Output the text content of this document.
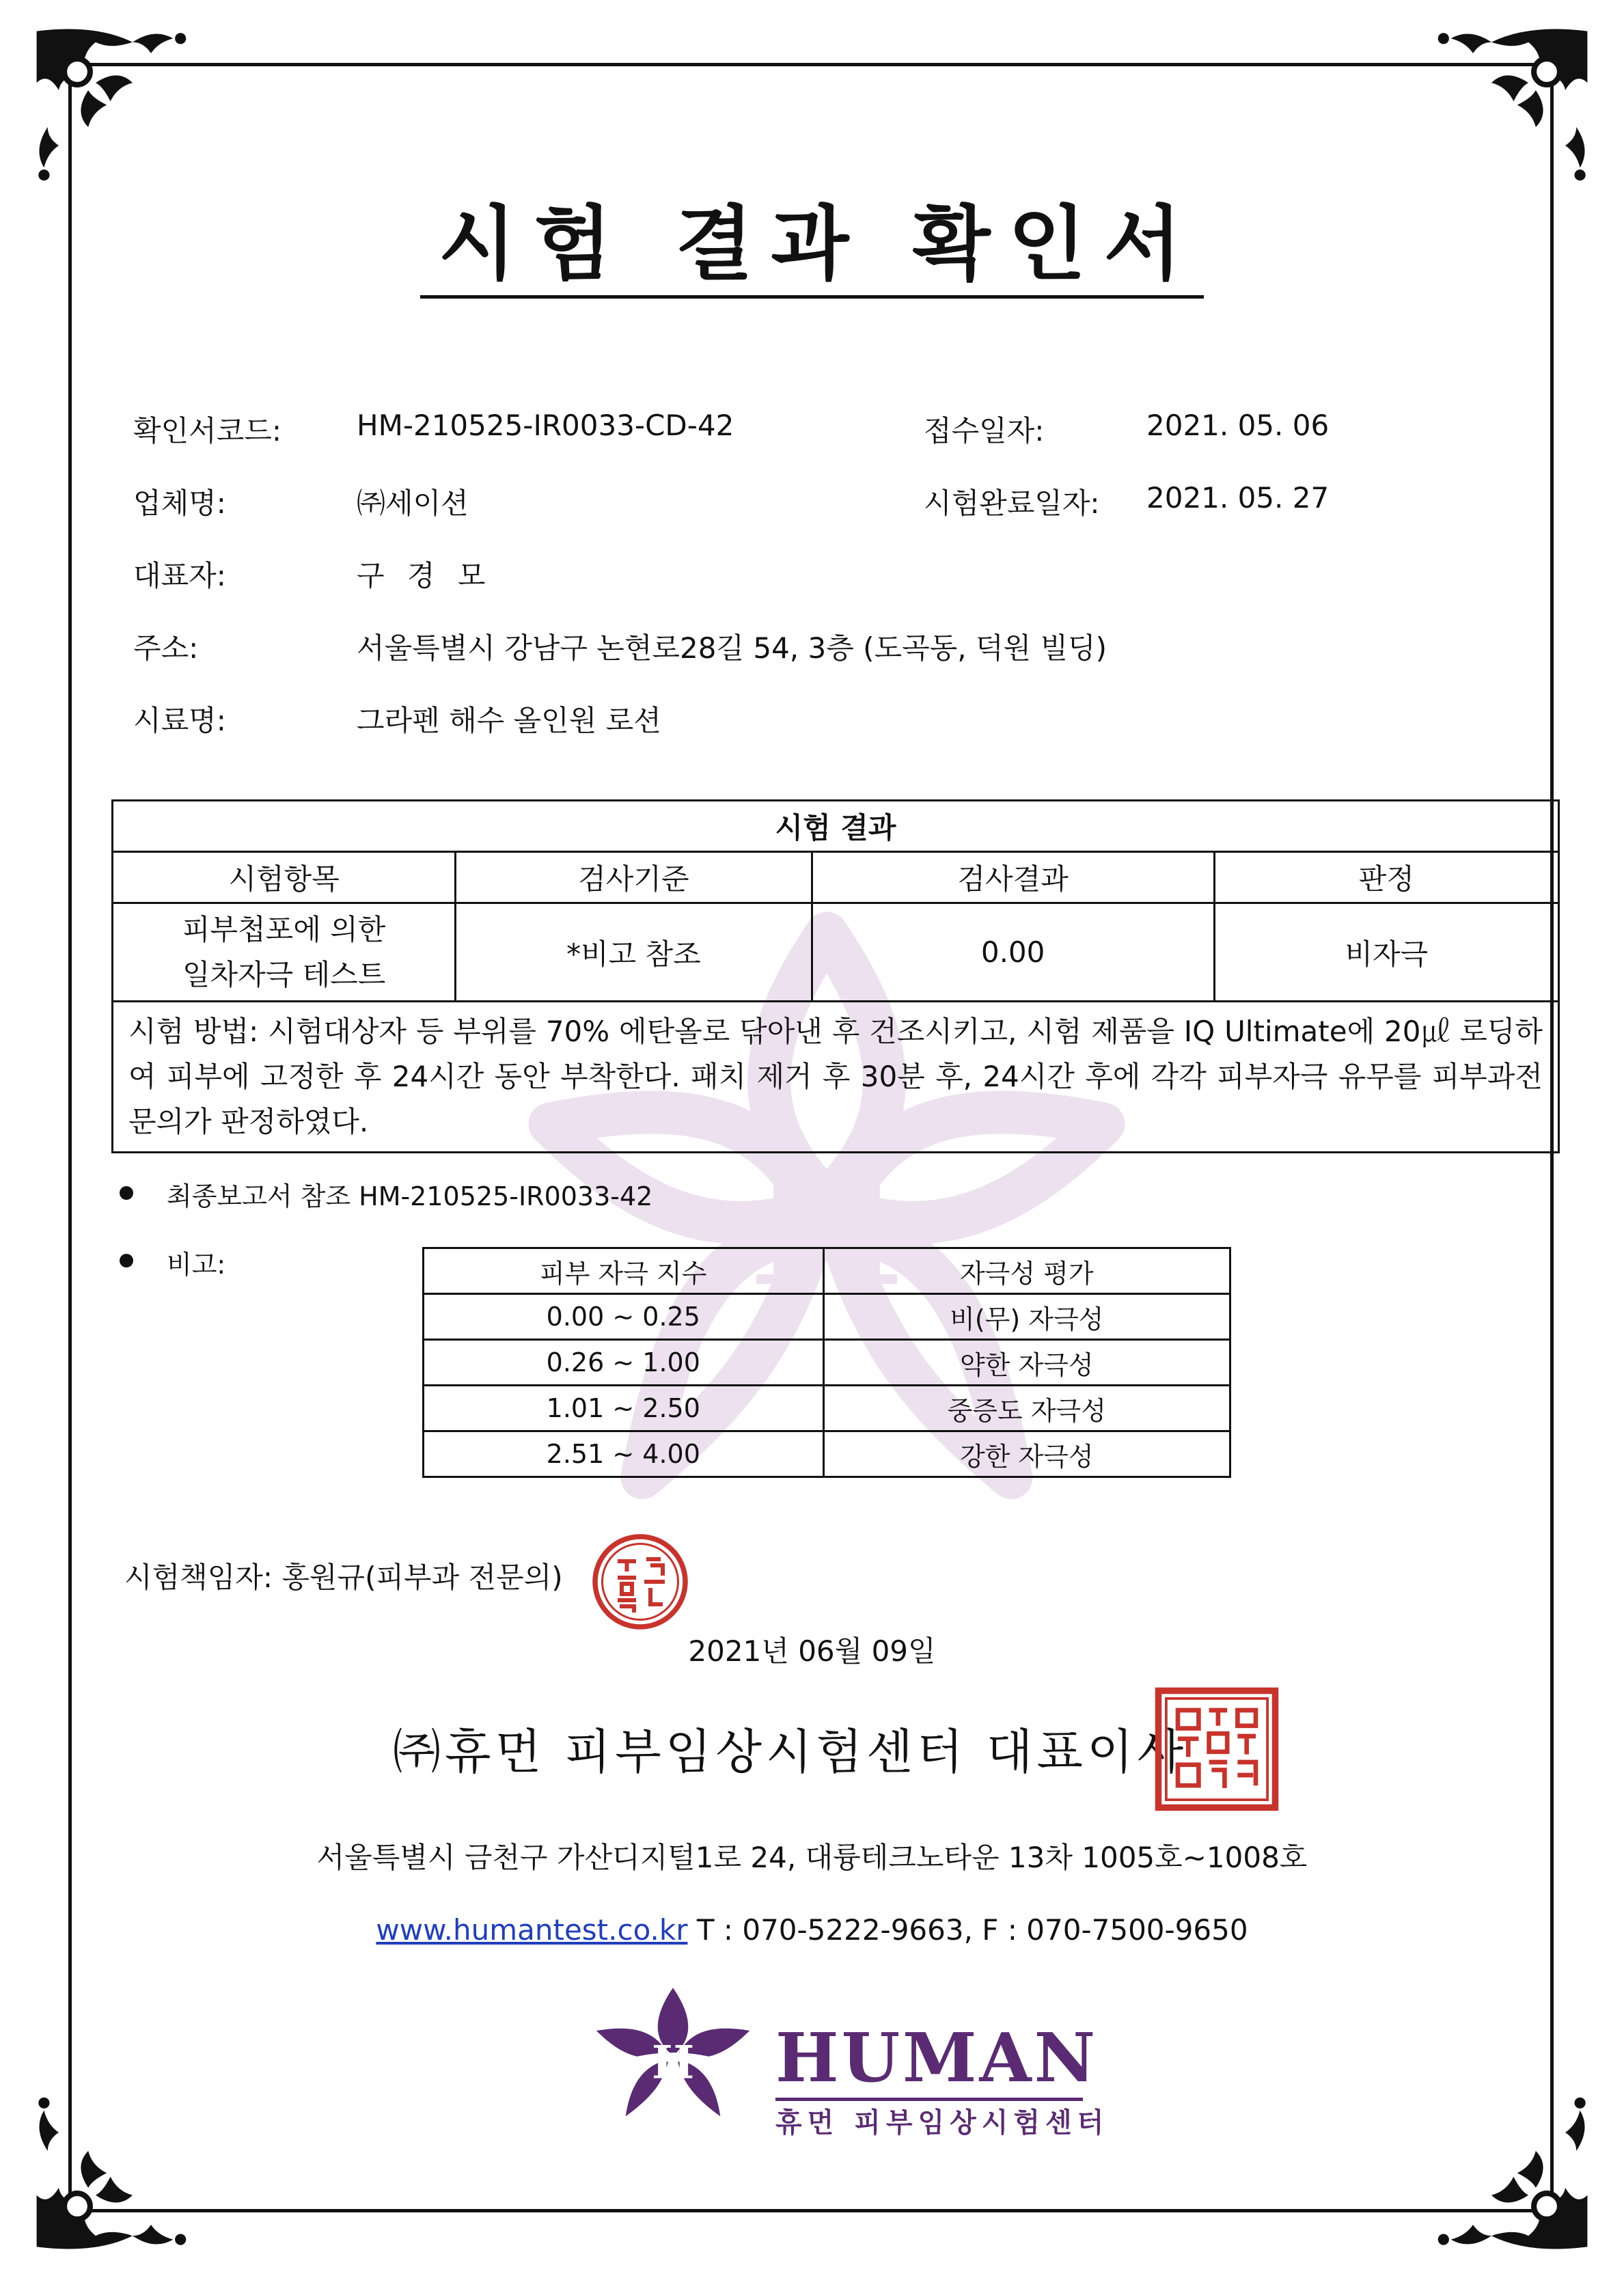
H
시험 결과 확인서
확인서코드:	HM-210525-IR0033-CD-42	접수일자:	2021. 05. 06
업체명:	㈜세이션	시험완료일자: 2021. 05. 27
대표자:	구 경 모
주소:	서울특별시 강남구 논현로28길 54, 3층 (도곡동, 덕원 빌딩)
시료명:	그라펜 해수 올인원 로션
시험 결과			
시험항목	검사기준	검사결과	판정

피부첩포에 의한
일차자극 테스트	*비고 참조	0.00	비자극
시험 방법: 시험대상자 등 부위를 70% 에탄올로 닦아낸 후 건조시키고, 시험 제품을 IQ Ultimate에 20㎕ 로딩하여 피부에 고정한 후 24시간 동안 부착한다. 패치 제거 후 30분 후, 24시간 후에 각각 피부자극 유무를 피부과전문의가 판정하였다.			
최종보고서 참조 HM-210525-IR0033-42
비고:	피부 자극 지수	자극성 평가
0.00 ~ 0.25	비(무) 자극성
0.26 ~ 1.00	약한 자극성
1.01 ~ 2.50	중증도 자극성
2.51 ~ 4.00	강한 자극성
시험책임자: 홍원규(피부과 전문의)
2021년 06월 09일
㈜휴먼 피부임상시험센터 대표이사
서울특별시 금천구 가산디지털1로 24, 대륭테크노타운 13차 1005호~1008호
www.humantest.co.kr T : 070-5222-9663, F : 070-7500-9650
H HUMAN
휴먼 피부임상시험센터
